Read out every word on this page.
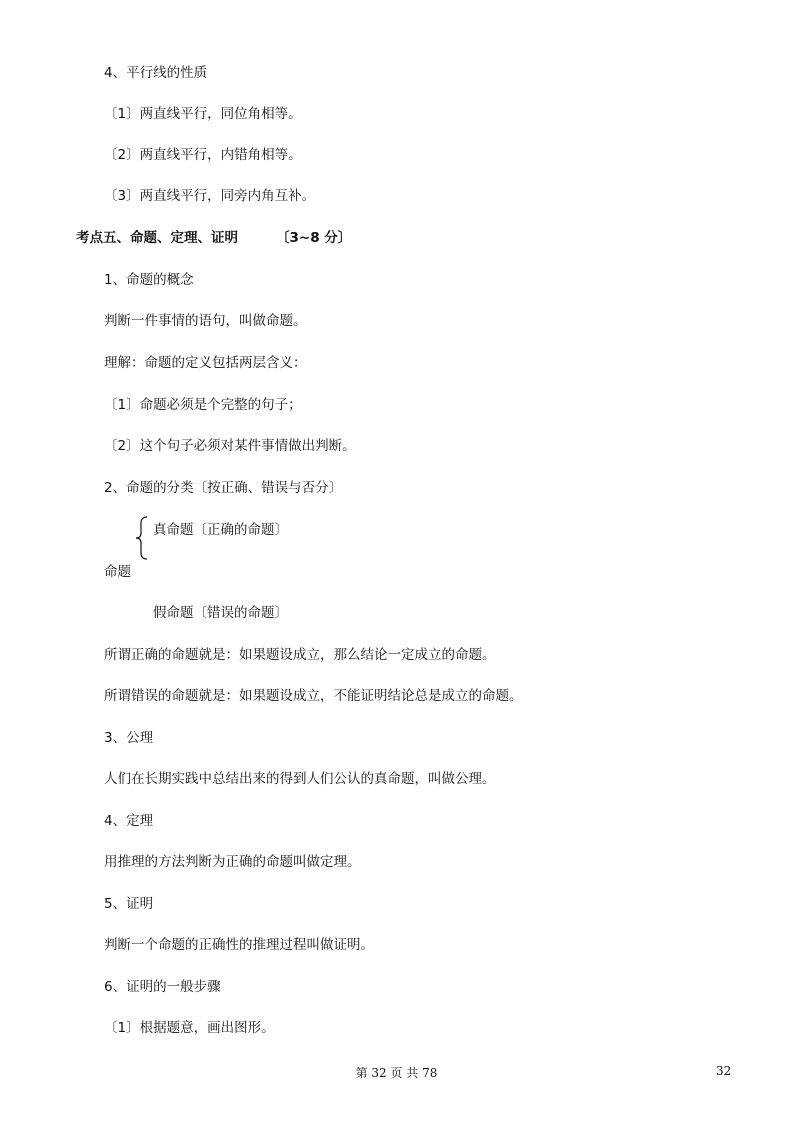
4、平行线的性质
〔1〕两直线平行，同位角相等。
〔2〕两直线平行，内错角相等。
〔3〕两直线平行，同旁内角互补。
考点五、命题、定理、证明	〔3~8 分〕
1、命题的概念
判断一件事情的语句，叫做命题。
理解：命题的定义包括两层含义：
〔1〕命题必须是个完整的句子；
〔2〕这个句子必须对某件事情做出判断。
2、命题的分类〔按正确、错误与否分〕
真命题〔正确的命题〕
命题
假命题〔错误的命题〕
所谓正确的命题就是：如果题设成立，那么结论一定成立的命题。
所谓错误的命题就是：如果题设成立，不能证明结论总是成立的命题。
3、公理
人们在长期实践中总结出来的得到人们公认的真命题，叫做公理。
4、定理
用推理的方法判断为正确的命题叫做定理。
5、证明
判断一个命题的正确性的推理过程叫做证明。
6、证明的一般步骤
〔1〕根据题意，画出图形。
第 32 页 共 78	32
